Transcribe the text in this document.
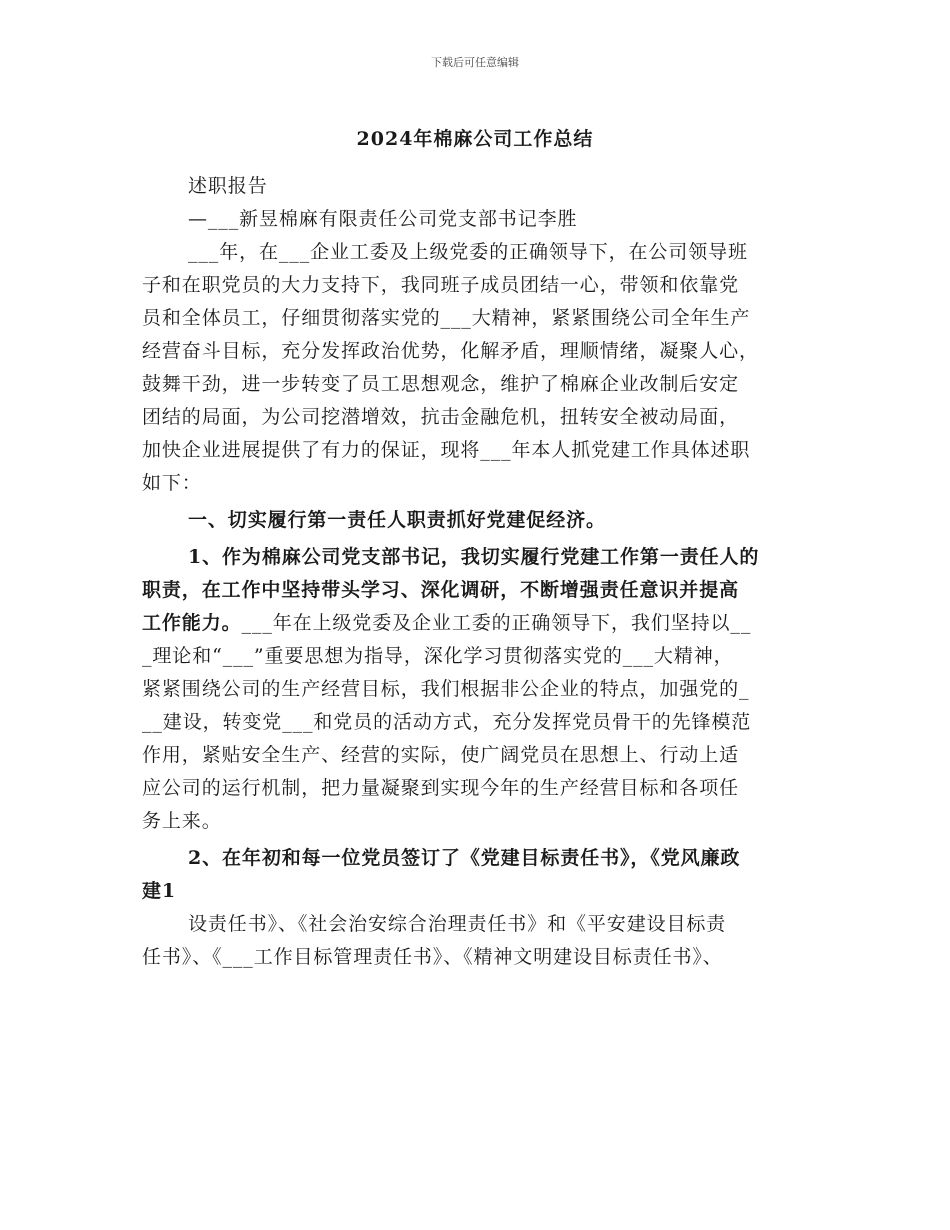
下载后可任意编辑
2024年棉麻公司工作总结
述职报告
—___新昱棉麻有限责任公司党支部书记李胜
___年，在___企业工委及上级党委的正确领导下，在公司领导班
子和在职党员的大力支持下，我同班子成员团结一心，带领和依靠党
员和全体员工，仔细贯彻落实党的___大精神，紧紧围绕公司全年生产
经营奋斗目标，充分发挥政治优势，化解矛盾，理顺情绪，凝聚人心，
鼓舞干劲，进一步转变了员工思想观念，维护了棉麻企业改制后安定
团结的局面，为公司挖潜增效，抗击金融危机，扭转安全被动局面，
加快企业进展提供了有力的保证，现将___年本人抓党建工作具体述职
如下：
一、切实履行第一责任人职责抓好党建促经济。
1、作为棉麻公司党支部书记，我切实履行党建工作第一责任人的
职责，在工作中坚持带头学习、深化调研，不断增强责任意识并提高
工作能力。___年在上级党委及企业工委的正确领导下，我们坚持以__
_理论和“___”重要思想为指导，深化学习贯彻落实党的___大精神，
紧紧围绕公司的生产经营目标，我们根据非公企业的特点，加强党的_
__建设，转变党___和党员的活动方式，充分发挥党员骨干的先锋模范
作用，紧贴安全生产、经营的实际，使广阔党员在思想上、行动上适
应公司的运行机制，把力量凝聚到实现今年的生产经营目标和各项任
务上来。
2、在年初和每一位党员签订了《党建目标责任书》，《党风廉政
建1
设责任书》、《社会治安综合治理责任书》和《平安建设目标责
任书》、《___工作目标管理责任书》、《精神文明建设目标责任书》、
